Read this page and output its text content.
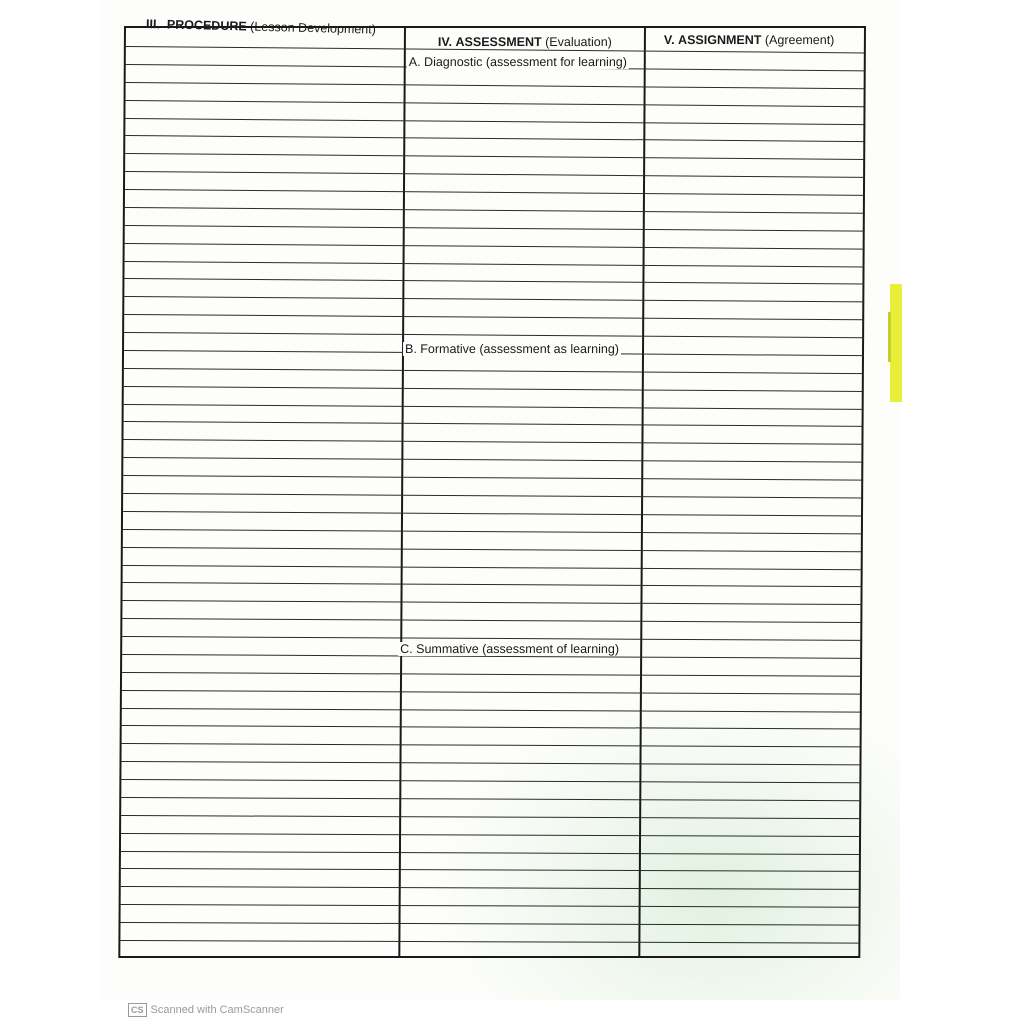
III. PROCEDURE (Lesson Development)
IV. ASSESSMENT (Evaluation)	V. ASSIGNMENT (Agreement)
A. Diagnostic (assessment for learning)
B. Formative (assessment as learning)
C. Summative (assessment of learning)
CS Scanned with CamScanner
